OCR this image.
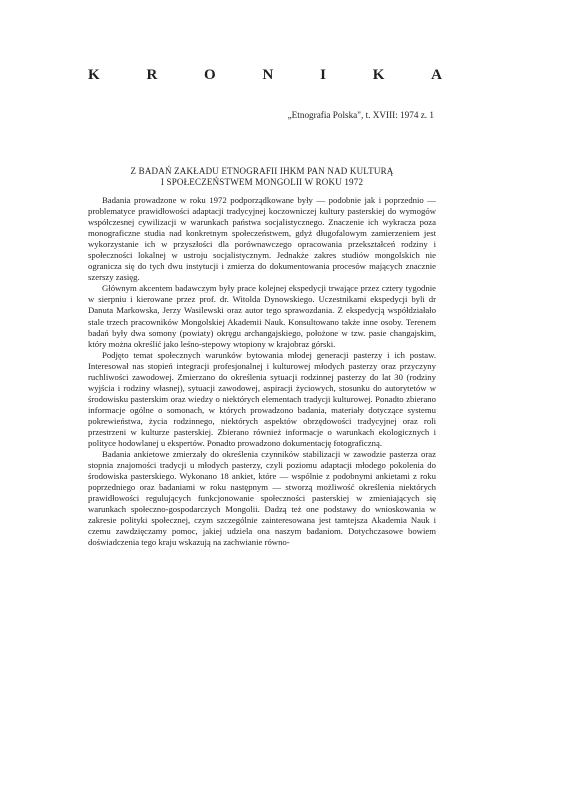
K	R	O	N	I	K	A
„Etnografia Polska", t. XVIII: 1974 z. 1
Z BADAŃ ZAKŁADU ETNOGRAFII IHKM PAN NAD KULTURĄ
I SPOŁECZEŃSTWEM MONGOLII W ROKU 1972

Badania prowadzone w roku 1972 podporządkowane były — podobnie jak i poprzednio — problematyce prawidłowości adaptacji tradycyjnej koczowniczej kultury pasterskiej do wymogów współczesnej cywilizacji w warunkach państwa socjalistycznego. Znaczenie ich wykracza poza monograficzne studia nad konkretnym społeczeństwem, gdyż długofalowym zamierzeniem jest wykorzystanie ich w przyszłości dla porównawczego opracowania przekształceń rodziny i społeczności lokalnej w ustroju socjalistycznym. Jednakże zakres studiów mongolskich nie ogranicza się do tych dwu instytucji i zmierza do dokumentowania procesów mających znacznie szerszy zasięg.

Głównym akcentem badawczym były prace kolejnej ekspedycji trwające przez cztery tygodnie w sierpniu i kierowane przez prof. dr. Witolda Dynowskiego. Uczestnikami ekspedycji byli dr Danuta Markowska, Jerzy Wasilewski oraz autor tego sprawozdania. Z ekspedycją współdziałało stale trzech pracowników Mongolskiej Akademii Nauk. Konsultowano także inne osoby. Terenem badań były dwa somony (powiaty) okręgu archangajskiego, położone w tzw. pasie changajskim, który można określić jako leśno-stepowy wtopiony w krajobraz górski.

Podjęto temat społecznych warunków bytowania młodej generacji pasterzy i ich postaw. Interesował nas stopień integracji profesjonalnej i kulturowej młodych pasterzy oraz przyczyny ruchliwości zawodowej. Zmierzano do określenia sytuacji rodzinnej pasterzy do lat 30 (rodziny wyjścia i rodziny własnej), sytuacji zawodowej, aspiracji życiowych, stosunku do autorytetów w środowisku pasterskim oraz wiedzy o niektórych elementach tradycji kulturowej. Ponadto zbierano informacje ogólne o somonach, w których prowadzono badania, materiały dotyczące systemu pokrewieństwa, życia rodzinnego, niektórych aspektów obrzędowości tradycyjnej oraz roli przestrzeni w kulturze pasterskiej. Zbierano również informacje o warunkach ekologicznych i polityce hodowlanej u ekspertów. Ponadto prowadzono dokumentację fotograficzną.

Badania ankietowe zmierzały do określenia czynników stabilizacji w zawodzie pasterza oraz stopnia znajomości tradycji u młodych pasterzy, czyli poziomu adaptacji młodego pokolenia do środowiska pasterskiego. Wykonano 18 ankiet, które — wspólnie z podobnymi ankietami z roku poprzedniego oraz badaniami w roku następnym — stworzą możliwość określenia niektórych prawidłowości regulujących funkcjonowanie społeczności pasterskiej w zmieniających się warunkach społeczno-gospodarczych Mongolii. Dadzą też one podstawy do wnioskowania w zakresie polityki społecznej, czym szczególnie zainteresowana jest tamtejsza Akademia Nauk i czemu zawdzięczamy pomoc, jakiej udziela ona naszym badaniom. Dotychczasowe bowiem doświadczenia tego kraju wskazują na zachwianie równo-
